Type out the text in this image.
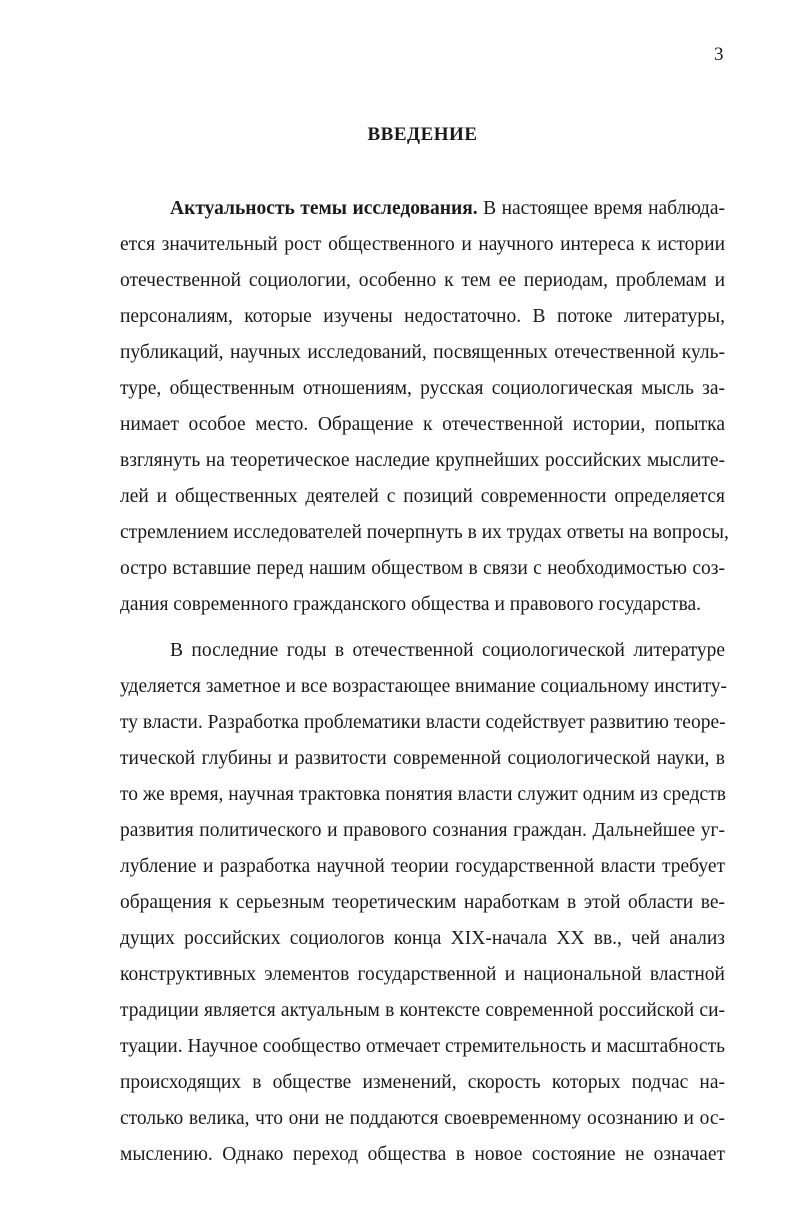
3
ВВЕДЕНИЕ
Актуальность темы исследования. В настоящее время наблюда-
ется значительный рост общественного и научного интереса к истории
отечественной социологии, особенно к тем ее периодам, проблемам и
персоналиям, которые изучены недостаточно. В потоке литературы,
публикаций, научных исследований, посвященных отечественной куль-
туре, общественным отношениям, русская социологическая мысль за-
нимает особое место. Обращение к отечественной истории, попытка
взглянуть на теоретическое наследие крупнейших российских мыслите-
лей и общественных деятелей с позиций современности определяется
стремлением исследователей почерпнуть в их трудах ответы на вопросы,
остро вставшие перед нашим обществом в связи с необходимостью соз-
дания современного гражданского общества и правового государства.
В последние годы в отечественной социологической литературе
уделяется заметное и все возрастающее внимание социальному институ-
ту власти. Разработка проблематики власти содействует развитию теоре-
тической глубины и развитости современной социологической науки, в
то же время, научная трактовка понятия власти служит одним из средств
развития политического и правового сознания граждан. Дальнейшее уг-
лубление и разработка научной теории государственной власти требует
обращения к серьезным теоретическим наработкам в этой области ве-
дущих российских социологов конца XIX-начала XX вв., чей анализ
конструктивных элементов государственной и национальной властной
традиции является актуальным в контексте современной российской си-
туации. Научное сообщество отмечает стремительность и масштабность
происходящих в обществе изменений, скорость которых подчас на-
столько велика, что они не поддаются своевременному осознанию и ос-
мыслению. Однако переход общества в новое состояние не означает
